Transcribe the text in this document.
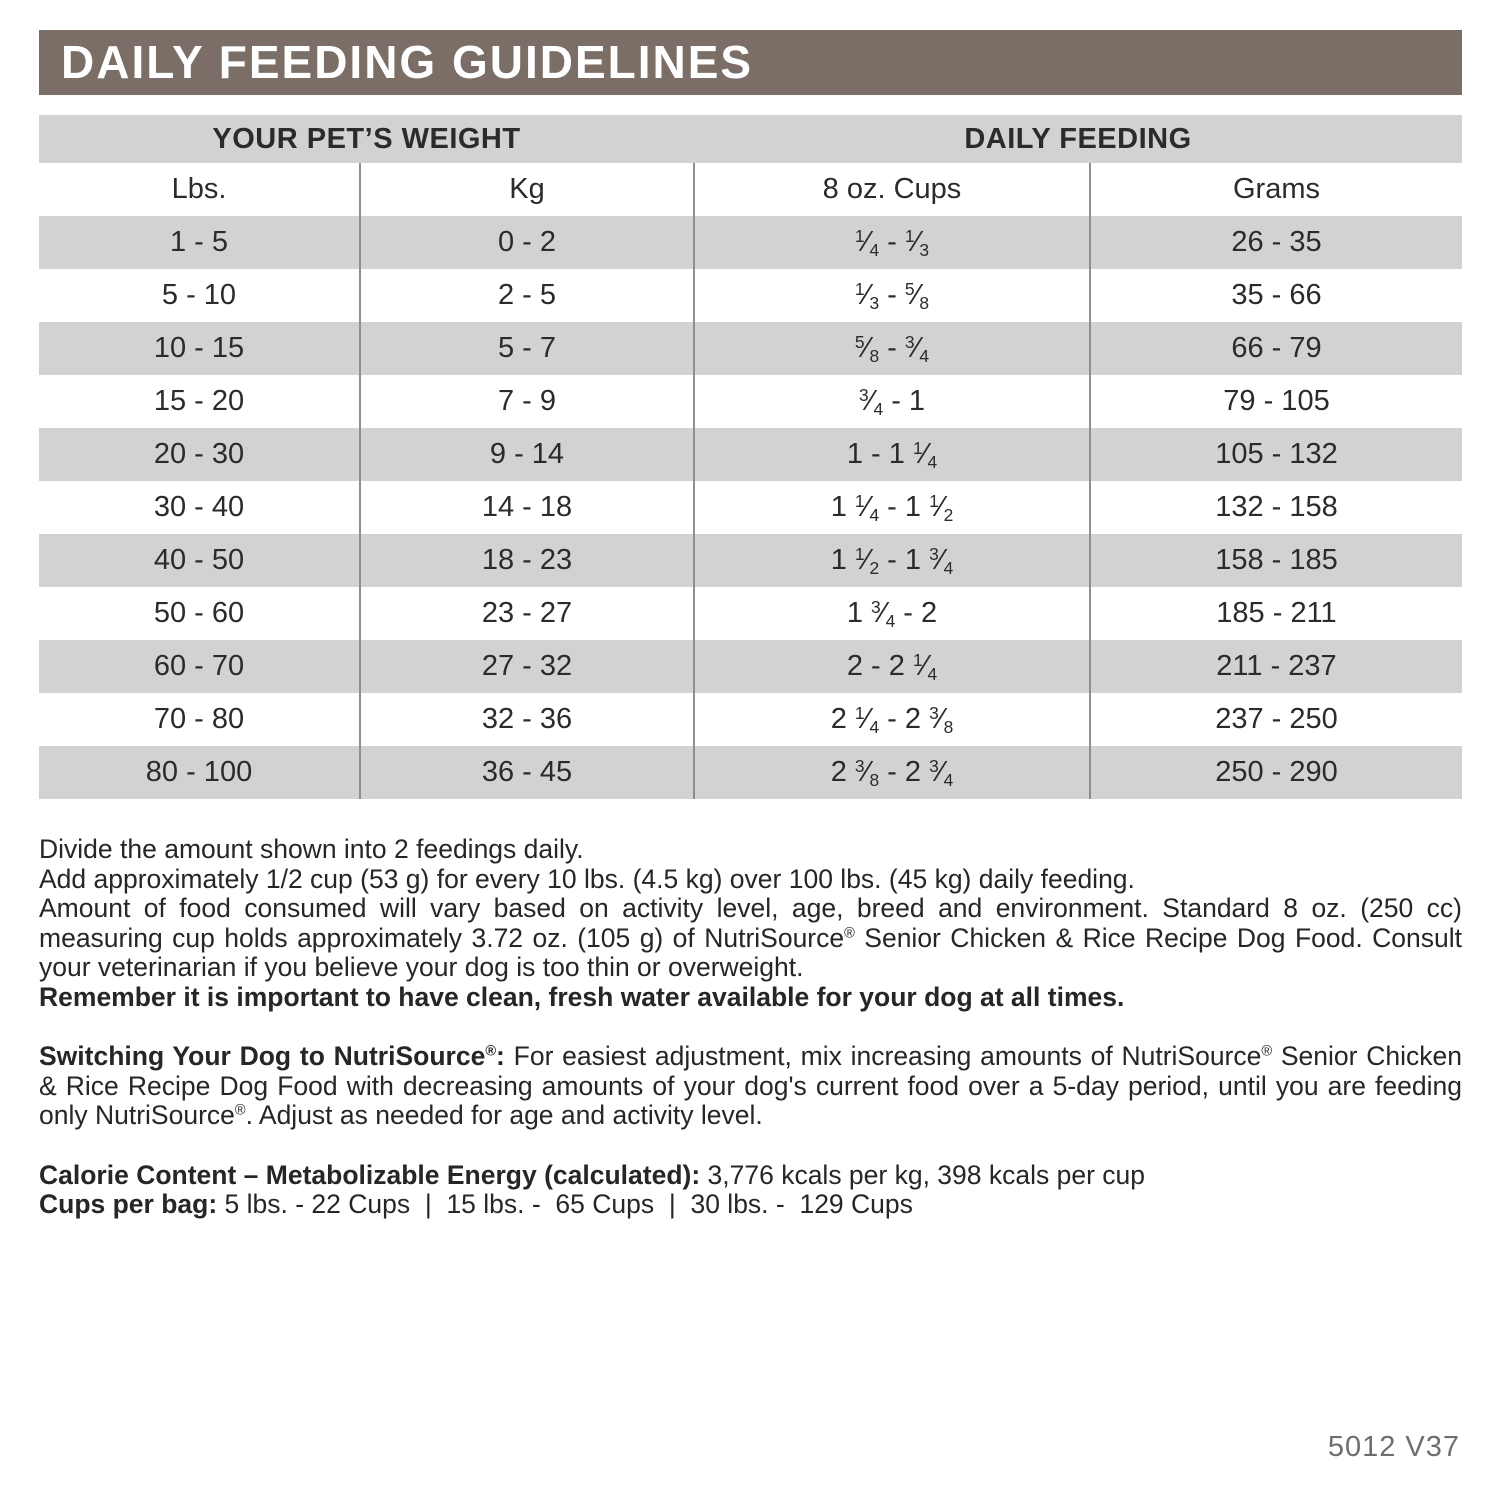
DAILY FEEDING GUIDELINES
YOUR PET’S WEIGHT		DAILY FEEDING	
Lbs.	Kg	8 oz. Cups	Grams
1 - 5	0 - 2	$^1$⁄4 - $^1$⁄3	26 - 35
5 - 10	2 - 5	$^1$⁄3 - $^5$⁄8	35 - 66
10 - 15	5 - 7	$^5$⁄8 - $^3$⁄4	66 - 79
15 - 20	7 - 9	$^3$⁄4 - 1	79 - 105
20 - 30	9 - 14	1 - 1 $^1$⁄4	105 - 132
30 - 40	14 - 18	1 $^1$⁄4 - 1 $^1$⁄2	132 - 158
40 - 50	18 - 23	1 $^1$⁄2 - 1 $^3$⁄4	158 - 185
50 - 60	23 - 27	1 $^3$⁄4 - 2	185 - 211
60 - 70	27 - 32	2 - 2 $^1$⁄4	211 - 237
70 - 80	32 - 36	2 $^1$⁄4 - 2 $^3$⁄8	237 - 250
80 - 100	36 - 45	2 $^3$⁄8 - 2 $^3$⁄4	250 - 290

Divide the amount shown into 2 feedings daily.

Add approximately 1/2 cup (53 g) for every 10 lbs. (4.5 kg) over 100 lbs. (45 kg) daily feeding.

Amount of food consumed will vary based on activity level, age, breed and environment. Standard 8 oz. (250 cc) measuring cup holds approximately 3.72 oz. (105 g) of NutriSource® Senior Chicken & Rice Recipe Dog Food. Consult your veterinarian if you believe your dog is too thin or overweight.

Remember it is important to have clean, fresh water available for your dog at all times.

Switching Your Dog to NutriSource®: For easiest adjustment, mix increasing amounts of NutriSource® Senior Chicken & Rice Recipe Dog Food with decreasing amounts of your dog's current food over a 5-day period, until you are feeding only NutriSource®. Adjust as needed for age and activity level.

Calorie Content – Metabolizable Energy (calculated): 3,776 kcals per kg, 398 kcals per cup

Cups per bag: 5 lbs. - 22 Cups  |  15 lbs. -  65 Cups  |  30 lbs. -  129 Cups

5012 V37
